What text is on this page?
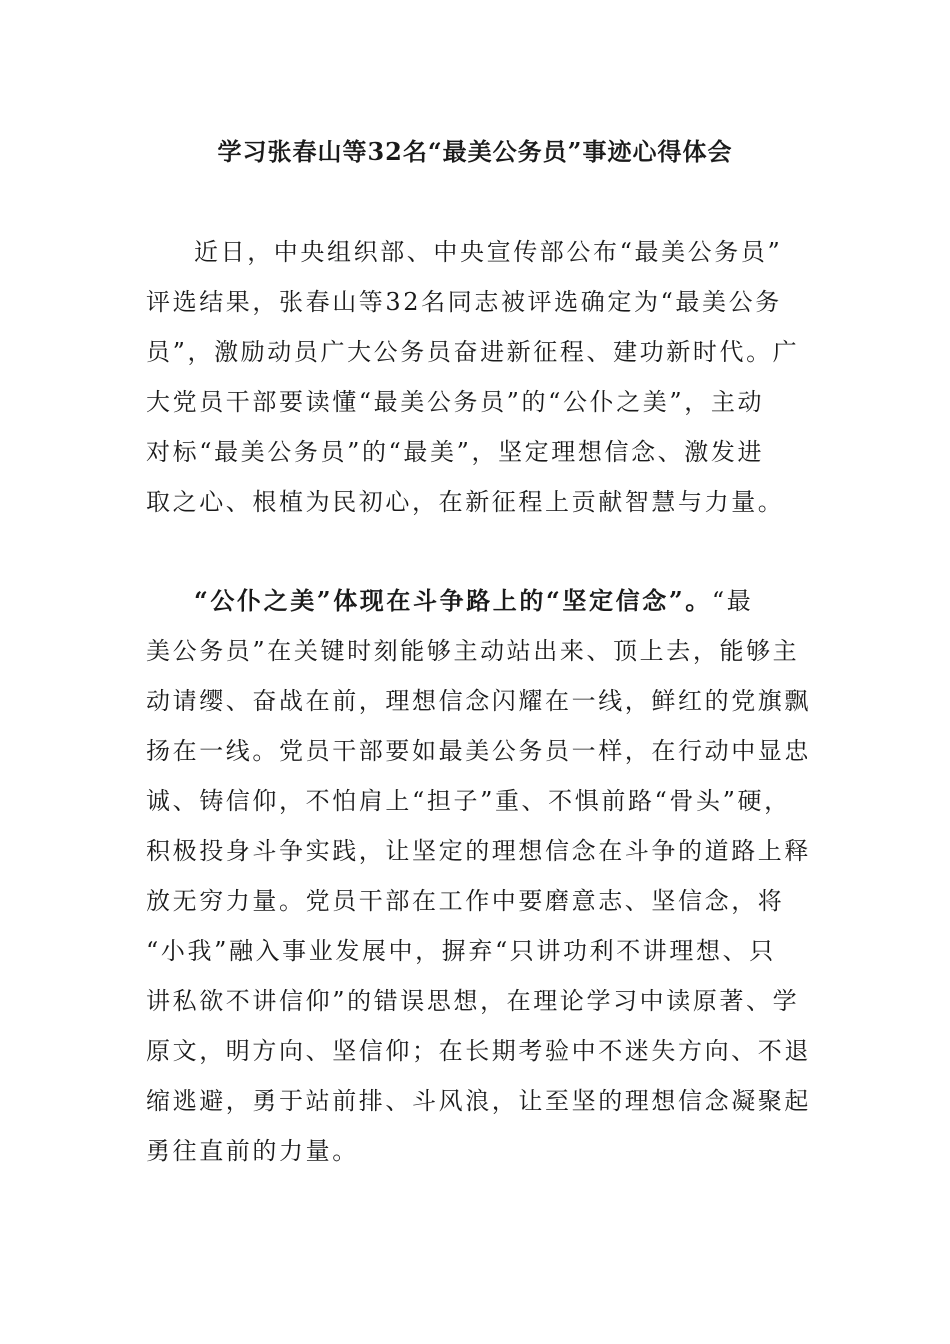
学习张春山等32名“最美公务员”事迹心得体会
近日，中央组织部、中央宣传部公布“最美公务员”
评选结果，张春山等32名同志被评选确定为“最美公务
员”，激励动员广大公务员奋进新征程、建功新时代。广
大党员干部要读懂“最美公务员”的“公仆之美”，主动
对标“最美公务员”的“最美”，坚定理想信念、激发进
取之心、根植为民初心，在新征程上贡献智慧与力量。
“公仆之美”体现在斗争路上的“坚定信念”。“最
美公务员”在关键时刻能够主动站出来、顶上去，能够主
动请缨、奋战在前，理想信念闪耀在一线，鲜红的党旗飘
扬在一线。党员干部要如最美公务员一样，在行动中显忠
诚、铸信仰，不怕肩上“担子”重、不惧前路“骨头”硬，
积极投身斗争实践，让坚定的理想信念在斗争的道路上释
放无穷力量。党员干部在工作中要磨意志、坚信念，将
“小我”融入事业发展中，摒弃“只讲功利不讲理想、只
讲私欲不讲信仰”的错误思想，在理论学习中读原著、学
原文，明方向、坚信仰；在长期考验中不迷失方向、不退
缩逃避，勇于站前排、斗风浪，让至坚的理想信念凝聚起
勇往直前的力量。
